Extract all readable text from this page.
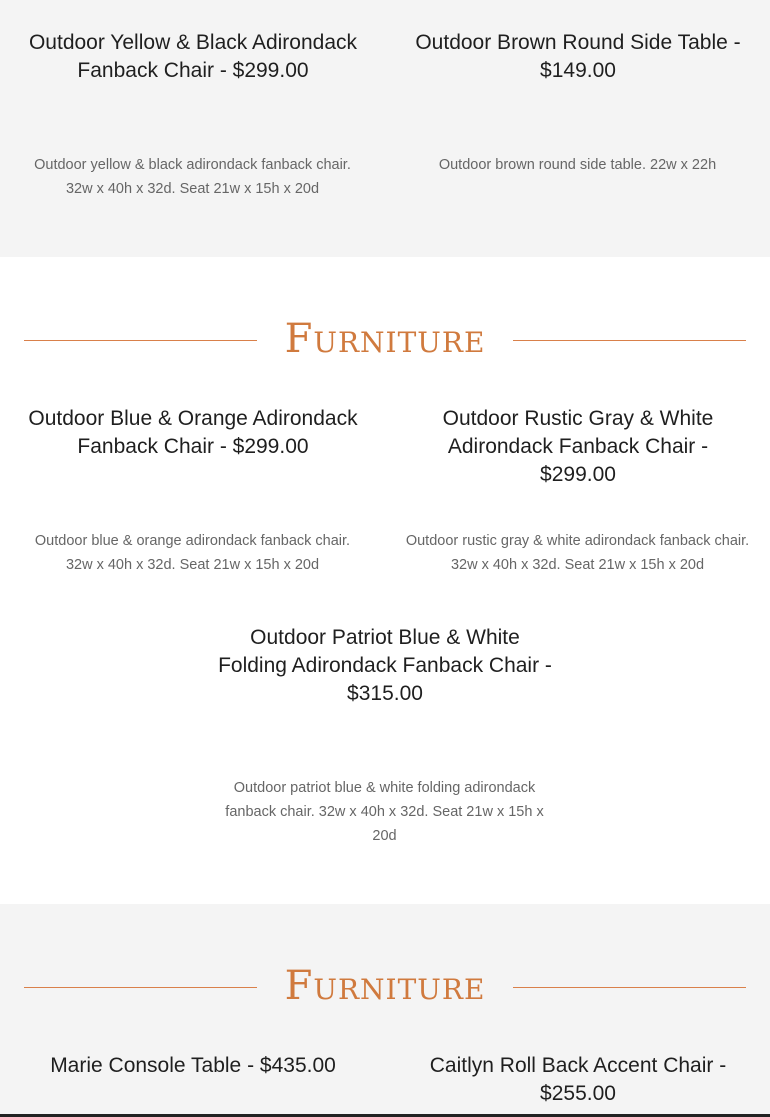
Outdoor Yellow & Black Adirondack Fanback Chair - $299.00
Outdoor yellow & black adirondack fanback chair. 32w x 40h x 32d. Seat 21w x 15h x 20d
Outdoor Brown Round Side Table - $149.00
Outdoor brown round side table. 22w x 22h
Furniture
Outdoor Blue & Orange Adirondack Fanback Chair - $299.00
Outdoor blue & orange adirondack fanback chair. 32w x 40h x 32d. Seat 21w x 15h x 20d
Outdoor Rustic Gray & White Adirondack Fanback Chair - $299.00
Outdoor rustic gray & white adirondack fanback chair. 32w x 40h x 32d. Seat 21w x 15h x 20d
Outdoor Patriot Blue & White Folding Adirondack Fanback Chair - $315.00
Outdoor patriot blue & white folding adirondack fanback chair. 32w x 40h x 32d. Seat 21w x 15h x 20d
Furniture
Marie Console Table - $435.00	Caitlyn Roll Back Accent Chair - $255.00
